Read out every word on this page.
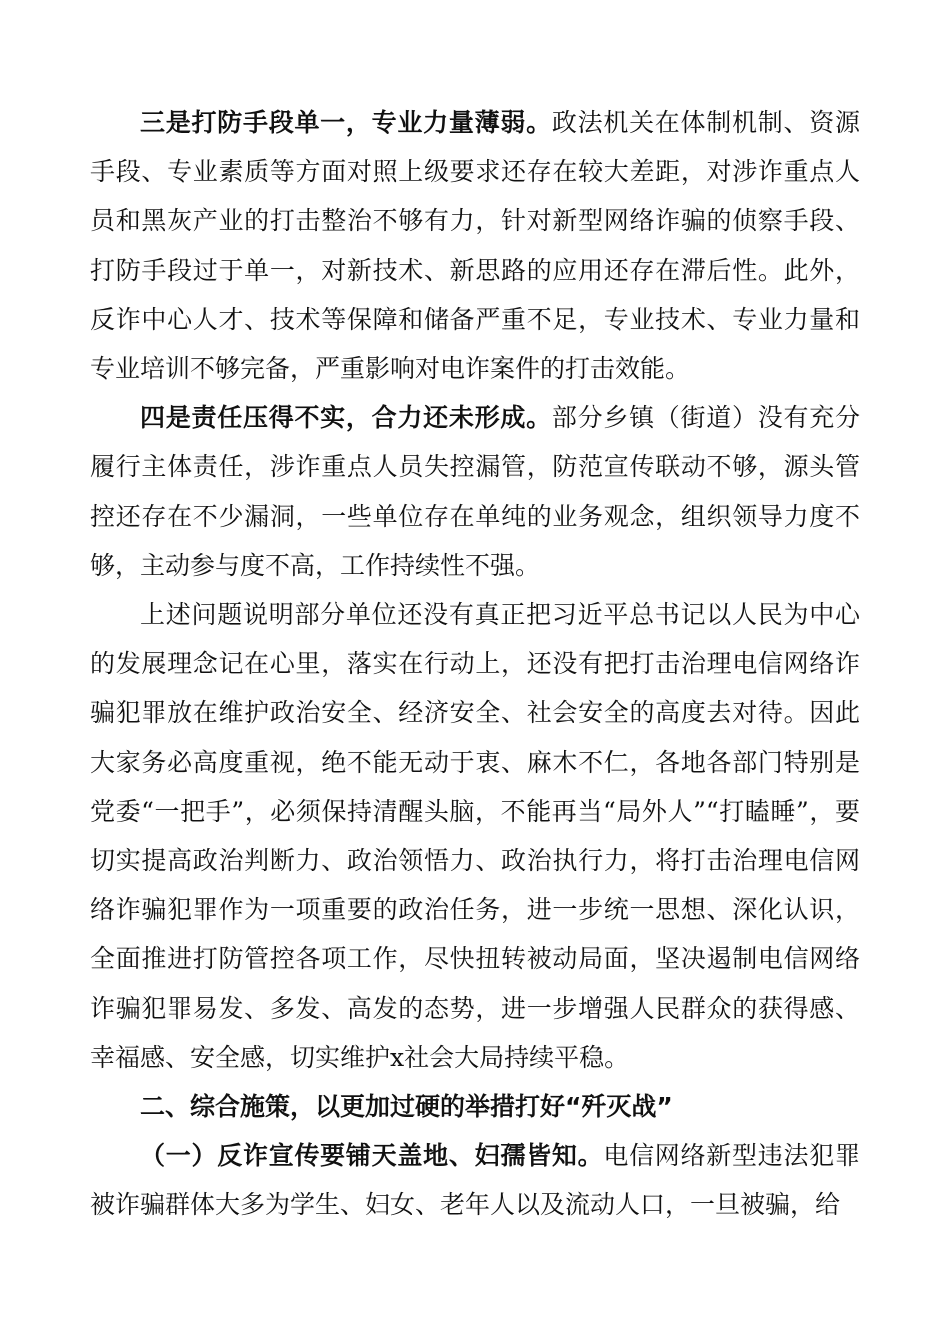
三是打防手段单一，专业力量薄弱。政法机关在体制机制、资源手段、专业素质等方面对照上级要求还存在较大差距，对涉诈重点人员和黑灰产业的打击整治不够有力，针对新型网络诈骗的侦察手段、打防手段过于单一，对新技术、新思路的应用还存在滞后性。此外，反诈中心人才、技术等保障和储备严重不足，专业技术、专业力量和专业培训不够完备，严重影响对电诈案件的打击效能。

四是责任压得不实，合力还未形成。部分乡镇（街道）没有充分履行主体责任，涉诈重点人员失控漏管，防范宣传联动不够，源头管控还存在不少漏洞，一些单位存在单纯的业务观念，组织领导力度不够，主动参与度不高，工作持续性不强。

上述问题说明部分单位还没有真正把习近平总书记以人民为中心的发展理念记在心里，落实在行动上，还没有把打击治理电信网络诈骗犯罪放在维护政治安全、经济安全、社会安全的高度去对待。因此大家务必高度重视，绝不能无动于衷、麻木不仁，各地各部门特别是党委“一把手”，必须保持清醒头脑，不能再当“局外人”“打瞌睡”，要切实提高政治判断力、政治领悟力、政治执行力，将打击治理电信网络诈骗犯罪作为一项重要的政治任务，进一步统一思想、深化认识，全面推进打防管控各项工作，尽快扭转被动局面，坚决遏制电信网络诈骗犯罪易发、多发、高发的态势，进一步增强人民群众的获得感、幸福感、安全感，切实维护x社会大局持续平稳。

二、综合施策，以更加过硬的举措打好“歼灭战”

（一）反诈宣传要铺天盖地、妇孺皆知。电信网络新型违法犯罪被诈骗群体大多为学生、妇女、老年人以及流动人口，一旦被骗，给
